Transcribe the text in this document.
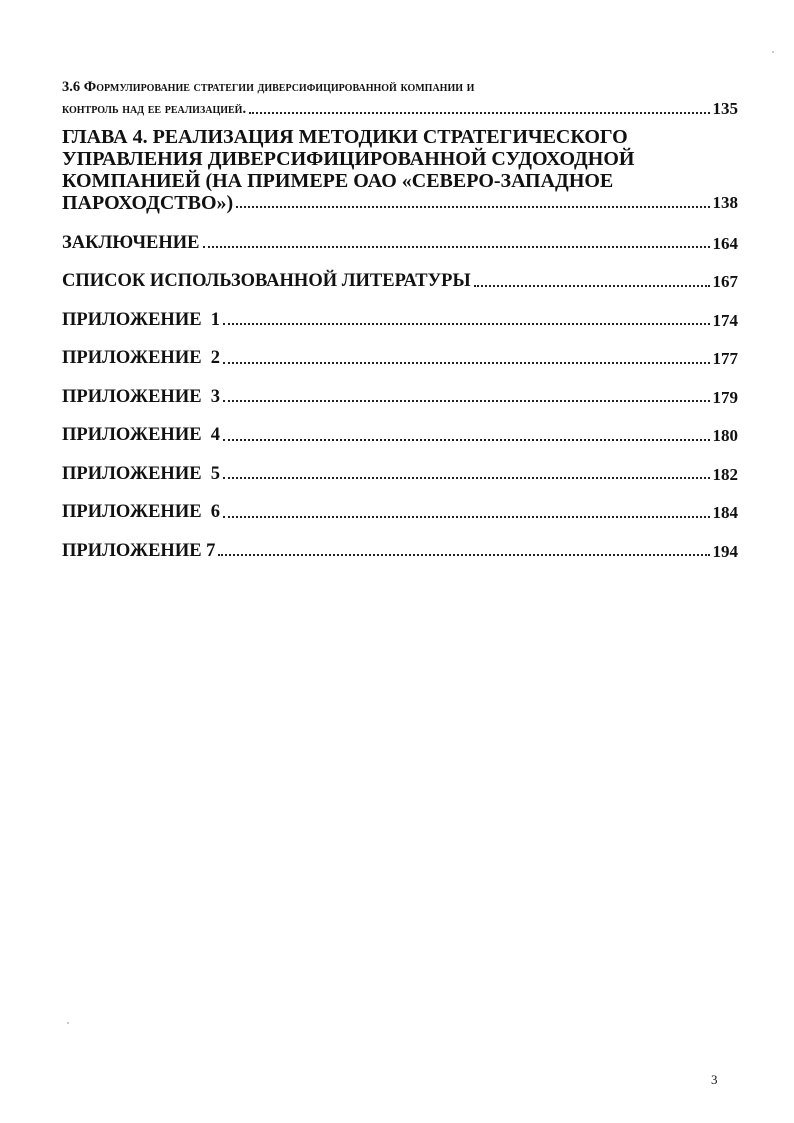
3.6 Формулирование стратегии диверсифицированной компании и
контроль над ее реализацией.	135
ГЛАВА 4. РЕАЛИЗАЦИЯ МЕТОДИКИ СТРАТЕГИЧЕСКОГО
УПРАВЛЕНИЯ ДИВЕРСИФИЦИРОВАННОЙ СУДОХОДНОЙ
КОМПАНИЕЙ (НА ПРИМЕРЕ ОАО «СЕВЕРО-ЗАПАДНОЕ
ПАРОХОДСТВО»)	138
ЗАКЛЮЧЕНИЕ	164
СПИСОК ИСПОЛЬЗОВАННОЙ ЛИТЕРАТУРЫ	167
ПРИЛОЖЕНИЕ  1	174
ПРИЛОЖЕНИЕ  2	177
ПРИЛОЖЕНИЕ  3	179
ПРИЛОЖЕНИЕ  4	180
ПРИЛОЖЕНИЕ  5	182
ПРИЛОЖЕНИЕ  6	184
ПРИЛОЖЕНИЕ 7	194
3
